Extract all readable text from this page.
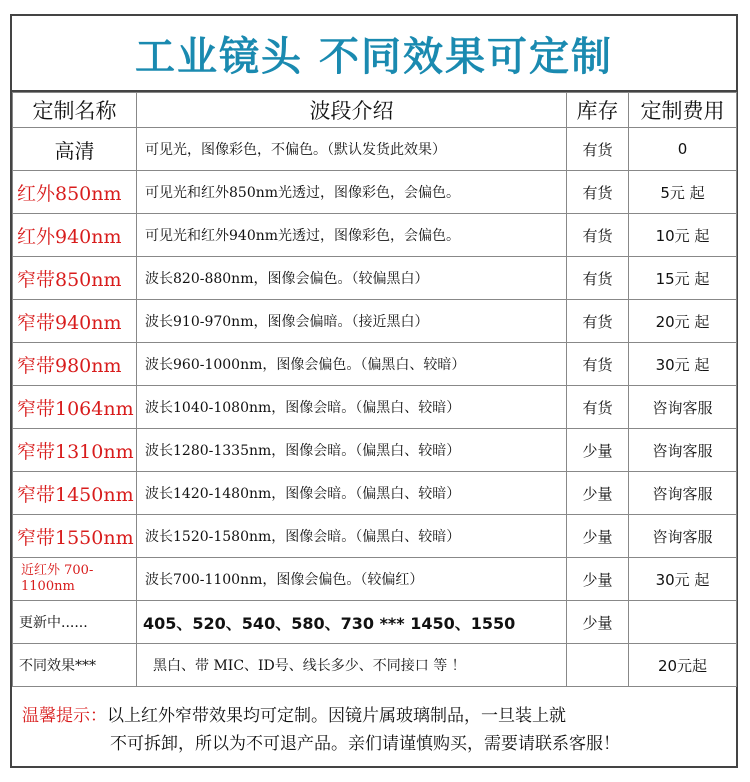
工业镜头 不同效果可定制
定制名称	波段介绍	库存	定制费用
高清	可见光，图像彩色，不偏色。（默认发货此效果）	有货	0
红外850nm	可见光和红外850nm光透过，图像彩色，会偏色。	有货	5元 起
红外940nm	可见光和红外940nm光透过，图像彩色，会偏色。	有货	10元 起
窄带850nm	波长820-880nm，图像会偏色。（较偏黑白）	有货	15元 起
窄带940nm	波长910-970nm，图像会偏暗。（接近黑白）	有货	20元 起
窄带980nm	波长960-1000nm，图像会偏色。（偏黑白、较暗）	有货	30元 起
窄带1064nm	波长1040-1080nm，图像会暗。（偏黑白、较暗）	有货	咨询客服
窄带1310nm	波长1280-1335nm，图像会暗。（偏黑白、较暗）	少量	咨询客服
窄带1450nm	波长1420-1480nm，图像会暗。（偏黑白、较暗）	少量	咨询客服
窄带1550nm	波长1520-1580nm，图像会暗。（偏黑白、较暗）	少量	咨询客服
近红外 700-1100nm	波长700-1100nm，图像会偏色。（较偏红）	少量	30元 起
更新中......	405、520、540、580、730 *** 1450、1550	少量	
不同效果***	黑白、带 MIC、ID号、线长多少、不同接口 等 ！		20元起
温馨提示：以上红外窄带效果均可定制。因镜片属玻璃制品，一旦装上就
不可拆卸，所以为不可退产品。亲们请谨慎购买，需要请联系客服！
